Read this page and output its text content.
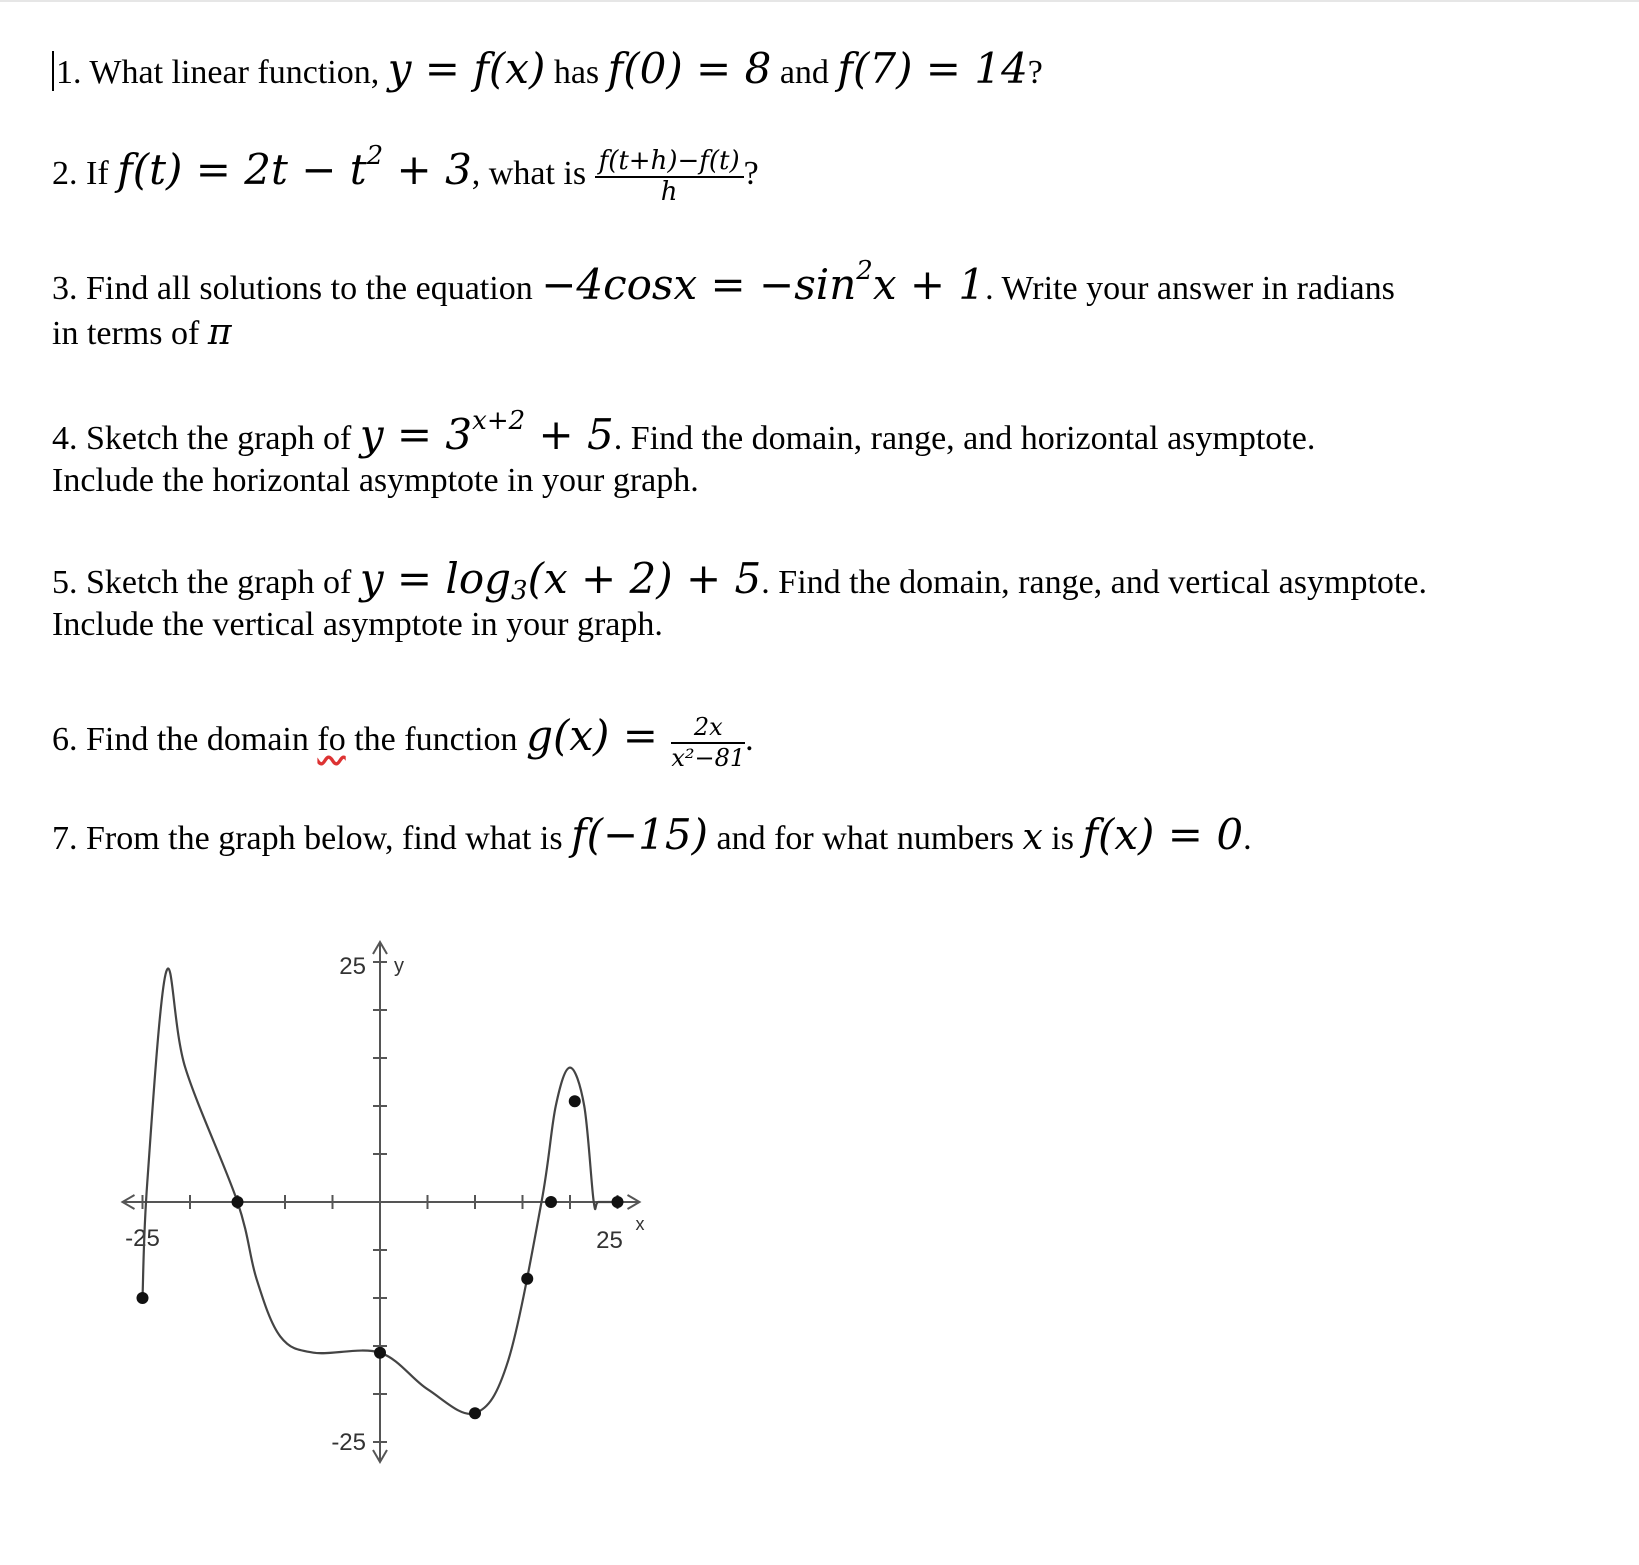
1. What linear function, y = f(x) has f(0) = 8 and f(7) = 14?
2. If $f(t) = 2t - t^2 + 3$, what is $\frac{f(t+h)-f(t)}{h}$ ?
3. Find all solutions to the equation $-4\cos x = -\sin^2x + 1$. Write your answer in radians
in terms of π
4. Sketch the graph of $y = 3^{x+2} + 5$. Find the domain, range, and horizontal asymptote.
Include the horizontal asymptote in your graph.
5. Sketch the graph of y = log3(x + 2) + 5. Find the domain, range, and vertical asymptote.
Include the vertical asymptote in your graph.
6. Find the domain fo the function $g(x) = \frac{2x}{\text{x²−81}}$ .
7. From the graph below, find what is f(−15) and for what numbers x is f(x) = 0.
-25	25
25
-25
y
x
